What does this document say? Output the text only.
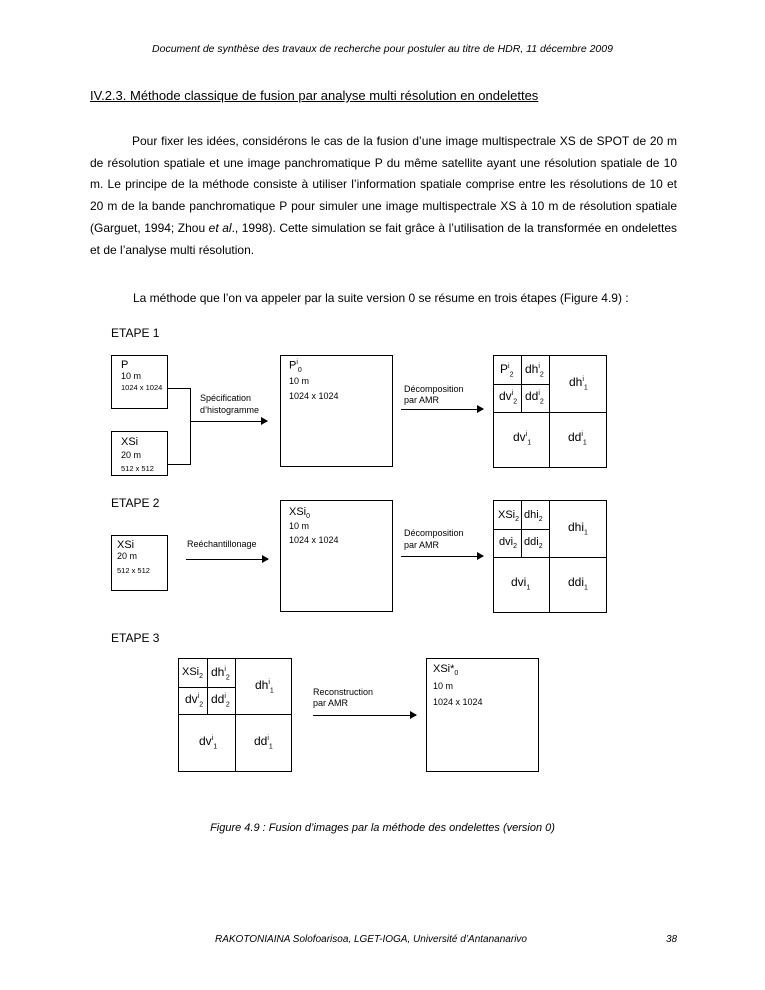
Document de synthèse des travaux de recherche pour postuler au titre de HDR, 11 décembre 2009
IV.2.3. Méthode classique de fusion par analyse multi résolution en ondelettes

Pour fixer les idées, considérons le cas de la fusion d’une image multispectrale XS de SPOT de 20 m de résolution spatiale et une image panchromatique P du même satellite ayant une résolution spatiale de 10 m. Le principe de la méthode consiste à utiliser l’information spatiale comprise entre les résolutions de 10 et 20 m de la bande panchromatique P pour simuler une image multispectrale XS à 10 m de résolution spatiale (Garguet, 1994; Zhou et al., 1998). Cette simulation se fait grâce à l’utilisation de la transformée en ondelettes et de l’analyse multi résolution.

La méthode que l’on va appeler par la suite version 0 se résume en trois étapes (Figure 4.9) :
ETAPE 1
P
10 m
1024 x 1024
XSi
20 m
512 x 512
Spécification
d’histogramme
$P^i_0$
10 m
1024 x 1024
Décomposition
par AMR
$P^i_2$ $dh^i_2$
$dv^i_2$ $dd^i_2$
$dh^i_1$
$dv^i_1$	$dd^i_1$
ETAPE 2
XSi
20 m
512 x 512
Reéchantillonage
XSi$_0$
10 m
1024 x 1024
Décomposition
par AMR
XSi$_2$ dhi$_2$
dvi$_2$ ddi$_2$
dhi$_1$
dvi$_1$	ddi$_1$
ETAPE 3
XSi$_2$ $dh^i_2$
$dv^i_2$ $dd^i_2$
$dh^i_1$
$dv^i_1$	$dd^i_1$
Reconstruction
par AMR
$XSi*_0$
10 m
1024 x 1024
Figure 4.9 : Fusion d’images par la méthode des ondelettes (version 0)
RAKOTONIAINA Solofoarisoa, LGET-IOGA, Université d’Antananarivo	38
